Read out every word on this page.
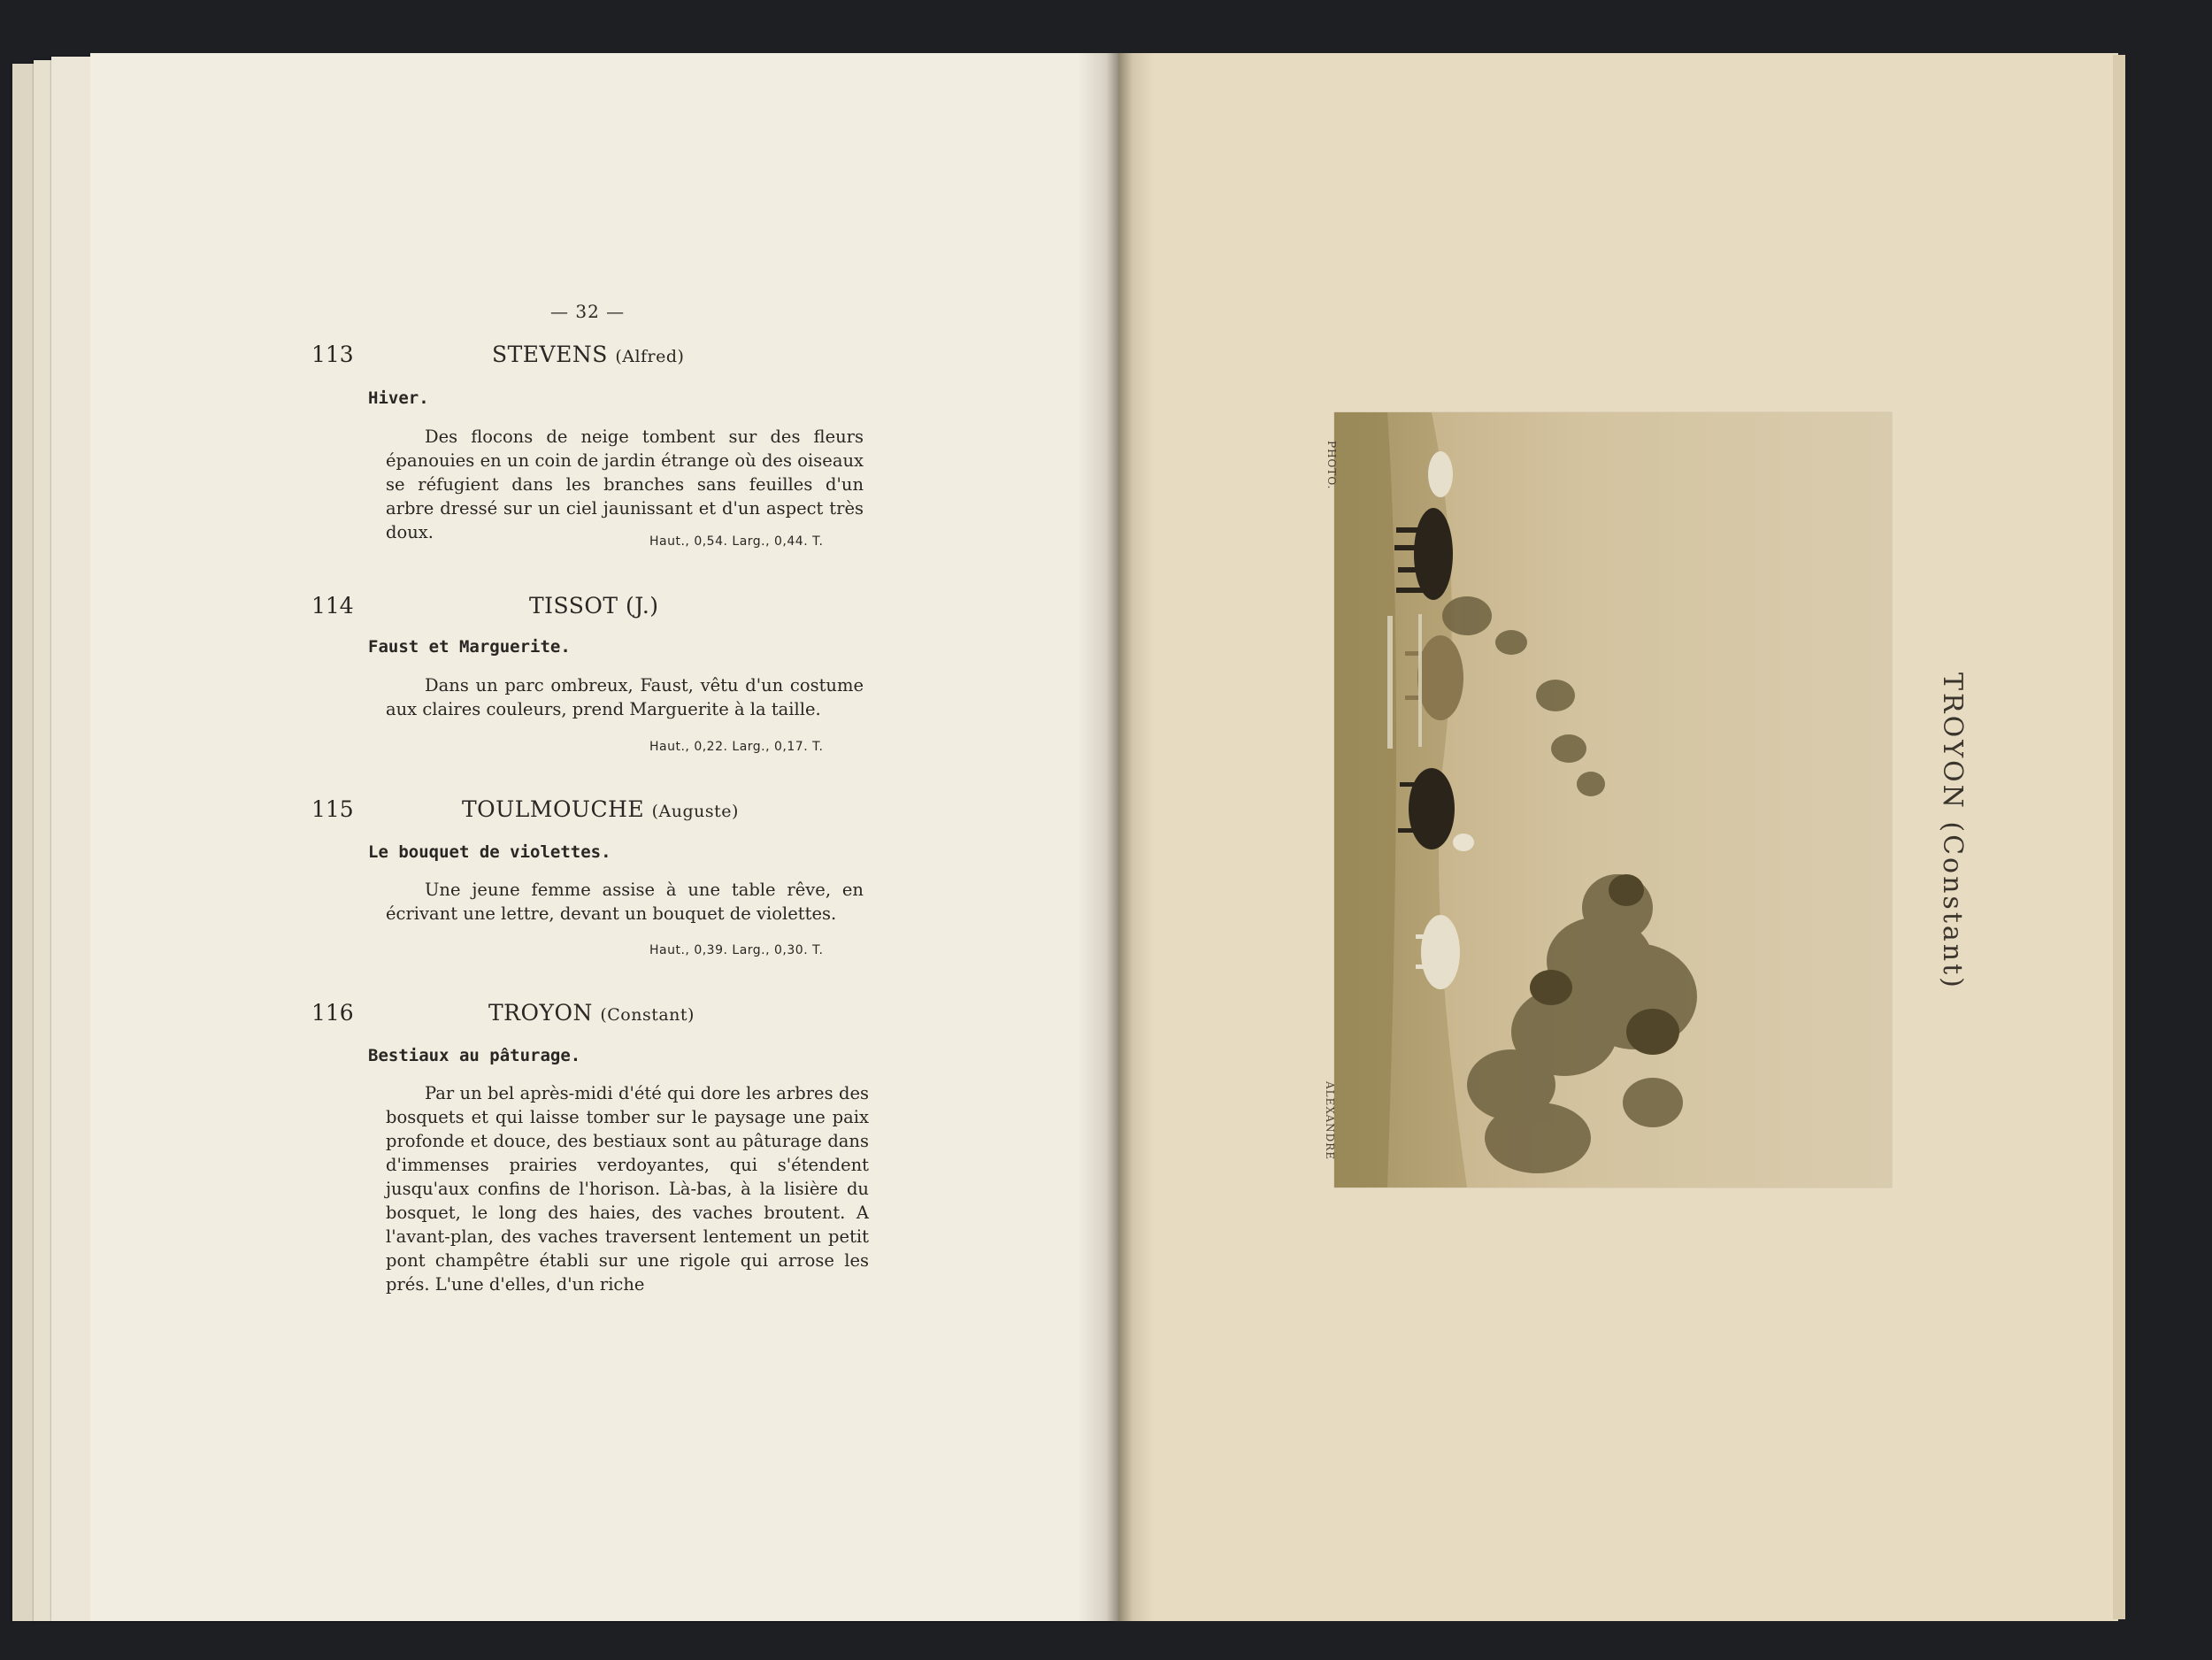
— 32 —
113	STEVENS (Alfred)
Hiver.
Des flocons de neige tombent sur des fleurs épanouies en un coin de jardin étrange où des oiseaux se réfugient dans les branches sans feuilles d'un arbre dressé sur un ciel jaunissant et d'un aspect très doux.	Haut., 0,54. Larg., 0,44. T.
114	TISSOT (J.)
Faust et Marguerite.
Dans un parc ombreux, Faust, vêtu d'un costume aux claires couleurs, prend Marguerite à la taille.
Haut., 0,22. Larg., 0,17. T.
115	TOULMOUCHE (Auguste)
Le bouquet de violettes.
Une jeune femme assise à une table rêve, en écrivant une lettre, devant un bouquet de violettes.
Haut., 0,39. Larg., 0,30. T.
116	TROYON (Constant)
Bestiaux au pâturage.
Par un bel après-midi d'été qui dore les arbres des bosquets et qui laisse tomber sur le paysage une paix profonde et douce, des bestiaux sont au pâturage dans d'immenses prairies verdoyantes, qui s'étendent jusqu'aux confins de l'horison. Là-bas, à la lisière du bosquet, le long des haies, des vaches broutent. A l'avant-plan, des vaches traversent lentement un petit pont champêtre établi sur une rigole qui arrose les prés. L'une d'elles, d'un riche
PHOTO.
ALEXANDRE
TROYON (Constant)
